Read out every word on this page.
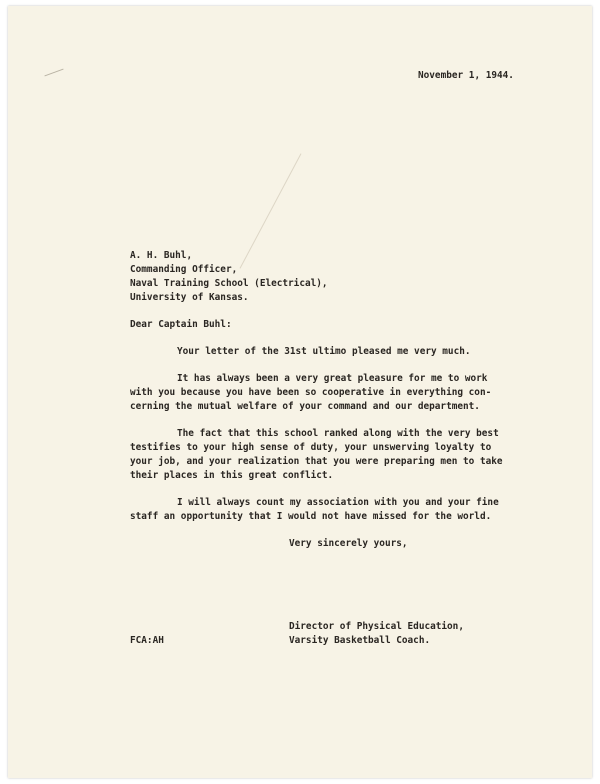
November 1, 1944.
A. H. Buhl,
Commanding Officer,
Naval Training School (Electrical),
University of Kansas.
Dear Captain Buhl:
Your letter of the 31st ultimo pleased me very much.
It has always been a very great pleasure for me to work
with you because you have been so cooperative in everything con-
cerning the mutual welfare of your command and our department.
The fact that this school ranked along with the very best
testifies to your high sense of duty, your unswerving loyalty to
your job, and your realization that you were preparing men to take
their places in this great conflict.
I will always count my association with you and your fine
staff an opportunity that I would not have missed for the world.
Very sincerely yours,
Director of Physical Education,
Varsity Basketball Coach.
FCA:AH
